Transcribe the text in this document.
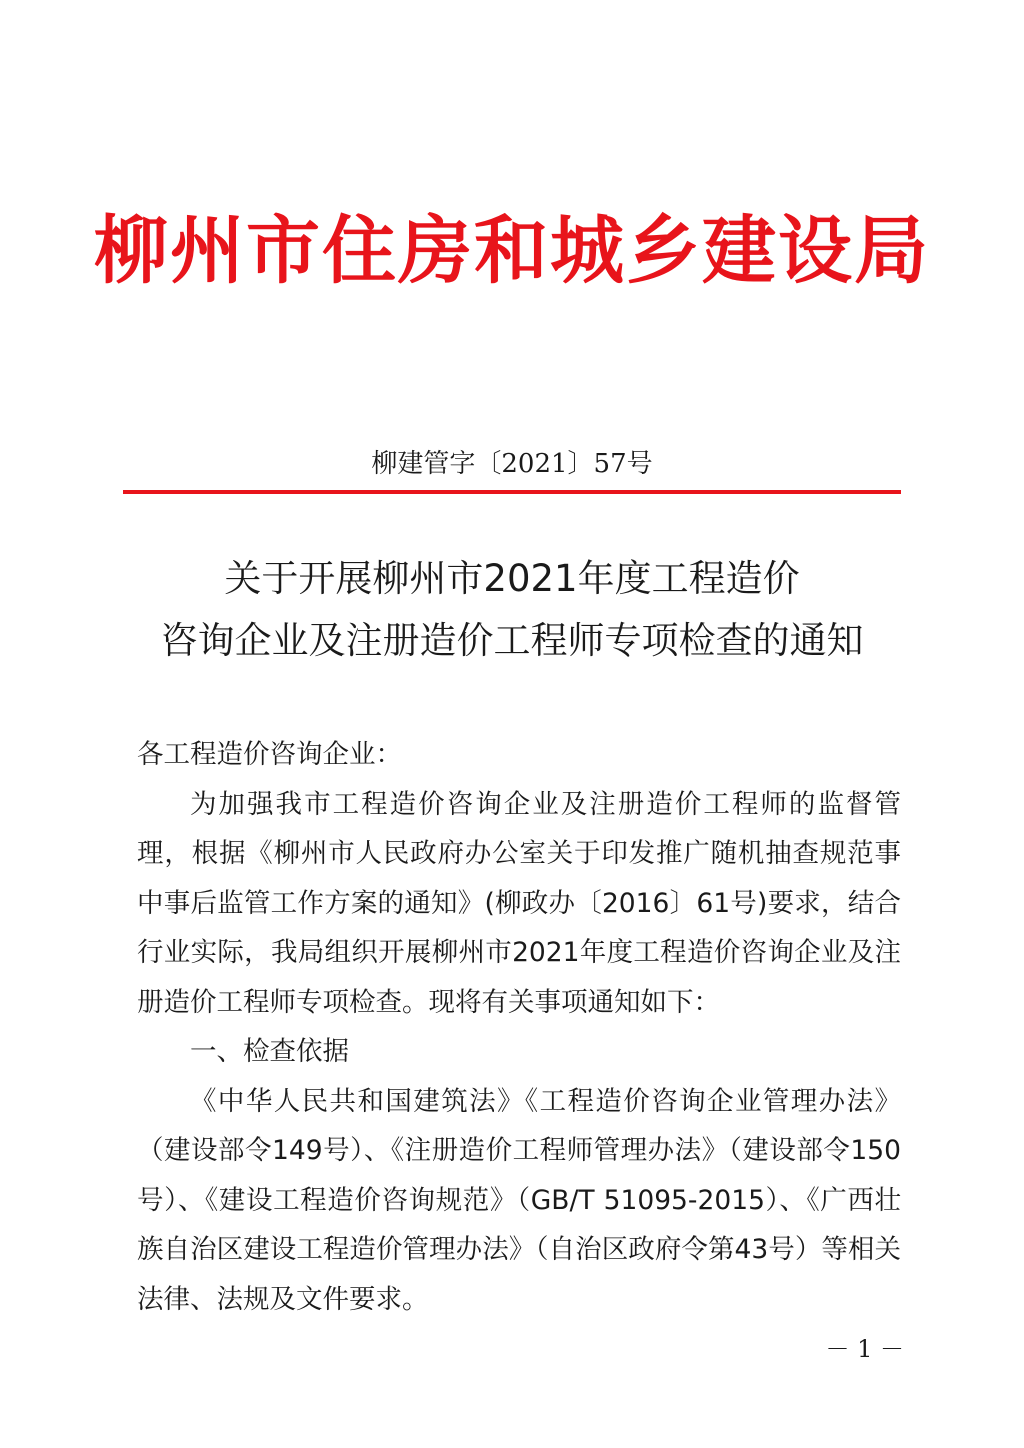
柳州市住房和城乡建设局
柳建管字〔2021〕57号
关于开展柳州市2021年度工程造价
咨询企业及注册造价工程师专项检查的通知

各工程造价咨询企业：

为加强我市工程造价咨询企业及注册造价工程师的监督管理，根据《柳州市人民政府办公室关于印发推广随机抽查规范事中事后监管工作方案的通知》(柳政办〔2016〕61号)要求，结合行业实际，我局组织开展柳州市2021年度工程造价咨询企业及注册造价工程师专项检查。现将有关事项通知如下：

一、检查依据

《中华人民共和国建筑法》《工程造价咨询企业管理办法》（建设部令149号）、《注册造价工程师管理办法》（建设部令150号）、《建设工程造价咨询规范》（GB/T 51095-2015）、《广西壮族自治区建设工程造价管理办法》（自治区政府令第43号）等相关法律、法规及文件要求。

－ 1 －
